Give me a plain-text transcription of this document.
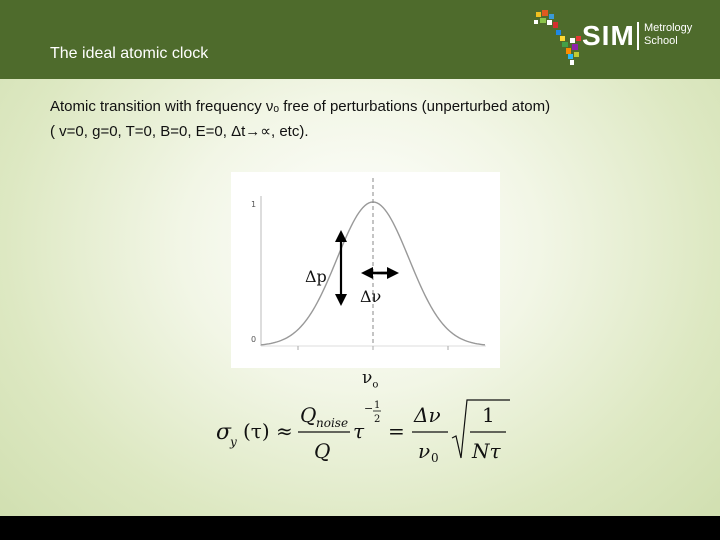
The ideal atomic clock
SIM Metrology
School
Atomic transition with frequency νₒ free of perturbations (unperturbed atom)
( v=0, g=0, T=0, B=0, E=0, Δt→∝, etc).
1
0
Δp
Δν
$\nu_o$
σ
y (τ) ≈
Q noise
Q
τ
− 1
2 =
Δν
ν 0
1
Nτ
